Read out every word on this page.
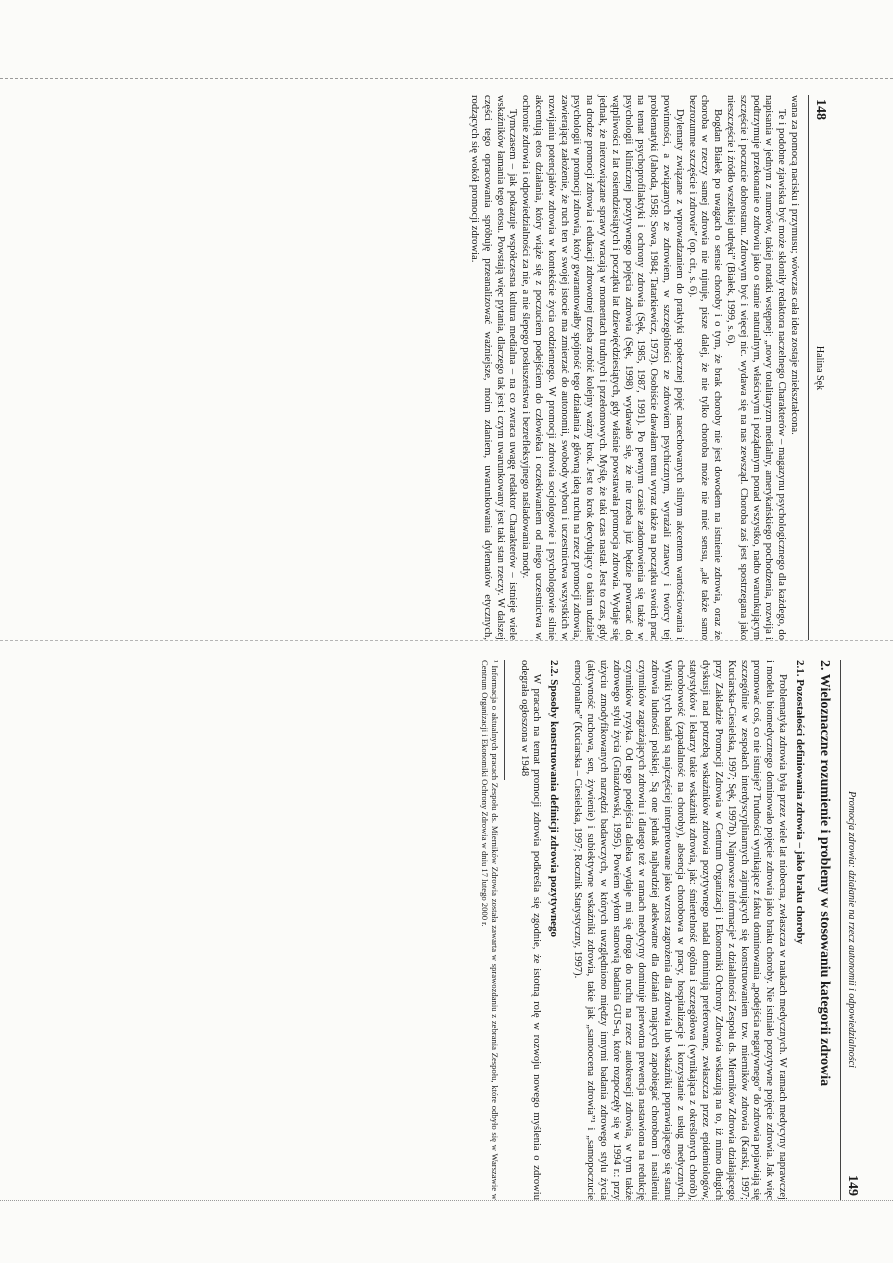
148
Halina Sęk

wana za pomocą nacisku i przymusu; wówczas cała idea zostaje zniekształcona.

Te i podobne zjawiska być może skłoniły redaktora naczelnego Charakterów – magazynu psychologicznego dla każdego, do napisania w jednym z numerów, takiej notatki wstępnej: „nowy totalitaryzm medialny, amerykańskiego pochodzenia, rozwija i podtrzymuje przekonanie o zdrowiu jako o stanie naturalnym, właściwym i pożądanym ponad wszystko, nadto warunkującym szczęście i poczucie dobrostanu. Zdrowym być i więcej nic. wydawa się na nas zewsząd. Choroba zaś jest spostrzegana jako nieszczęście i źródło wszelkiej udręki” (Białek, 1999, s. 6).

Bogdan Białek po uwagach o sensie choroby i o tym, że brak choroby nie jest dowodem na istnienie zdrowia, oraz że choroba w rzeczy samej zdrowia nie rujnuje, pisze dalej, że nie tylko choroba może nie mieć sensu, „ale także samo bezrozumne szczęście i zdrowie” (op. cit., s. 6).

Dylematy związane z wprowadzaniem do praktyki społecznej pojęć nacechowanych silnym akcentem wartościowania i powinności, a związanych ze zdrowiem, w szczególności ze zdrowiem psychicznym, wyrażali znawcy i twórcy tej problematyki (Jahoda, 1958; Sowa, 1984; Tatarkiewicz, 1973). Osobiście dawałam temu wyraz także na początku swoich prac na temat psychoprofilaktyki i ochrony zdrowia (Sęk, 1985, 1987, 1991). Po pewnym czasie zadomowienia się także w psychologii klinicznej pozytywnego pojęcia zdrowia (Sęk, 1998) wydawało się, że nie trzeba już będzie powracać do wątpliwości z lat osiemdziesiątych i początku lat dziewięćdziesiątych, gdy właśnie powstawała promocja zdrowia. Wydaje się jednak, że nierozwiązane sprawy wracają w momentach trudnych i przełomowych. Myślę, że taki czas nastał. Jest to czas, gdy na drodze promocji zdrowia i edukacji zdrowotnej trzeba zrobić kolejny ważny krok. Jest to krok decydujący o takim udziale psychologii w promocji zdrowia, który gwarantowałby spójność tego działania z główną ideą ruchu na rzecz promocji zdrowia, zawierającą założenie, że ruch ten w swojej istocie ma zmierzać do autonomii, swobody wyboru i uczestnictwa wszystkich w rozwijaniu potencjałów zdrowia w kontekście życia codziennego. W promocji zdrowia socjologowie i psychologowie silnie akcentują etos działania, który wiąże się z poczuciem podejściem do człowieka i oczekiwaniem od niego uczestnictwa w ochronie zdrowia i odpowiedzialności za nie, a nie ślepego posłuszeństwa i bezrefleksyjnego naśladowania mody.

Tymczasem – jak pokazuje współczesna kultura medialna – na co zwraca uwagę redaktor Charakterów – istnieje wiele wskaźników łamania tego etosu. Powstają więc pytania, dlaczego tak jest i czym uwarunkowany jest taki stan rzeczy. W dalszej części tego opracowania spróbuję przeanalizować ważniejsze, moim zdaniem, uwarunkowania dylematów etycznych, rodzących się wokół promocji zdrowia.

Promocja zdrowia: działanie na rzecz autonomii i odpowiedzialności
149
2. Wieloznaczne rozumienie i problemy w stosowaniu kategorii zdrowia
2.1. Pozostałości definiowania zdrowia – jako braku choroby

Problematyka zdrowia była przez wiele lat niobecna, zwłaszcza w naukach medycznych. W ramach medycyny naprawczej i modelu biomedycznego dominowało pojęcie zdrowia jako braku choroby. Nie istniało pozytywne pojęcie zdrowia. Jak więc promować coś, co nie istnieje? Trudności wynikające z faktu dominowania „podejścia negatywnego” do zdrowia pojawiają się szczególnie w zespołach interdyscyplinarnych zajmujących się konstruowaniem tzw. mierników zdrowia (Karski, 1997; Kuciarska-Ciesielska, 1997; Sęk, 1997b). Najnowsze informacje¹ z działalności Zespołu ds. Mierników Zdrowia działającego przy Zakładzie Promocji Zdrowia w Centrum Organizacji i Ekonomiki Ochrony Zdrowia wskazują na to, iż mimo długich dyskusji nad potrzebą wskaźników zdrowia pozytywnego nadal dominują preferowane, zwłaszcza przez epidemiologów, statystyków i lekarzy takie wskaźniki zdrowia, jak: śmiertelność ogólna i szczegółowa (wynikająca z określonych chorób), chorobowość (zapadalność na choroby), absencja chorobowa w pracy, hospitalizacje i korzystanie z usług medycznych. Wyniki tych badań są najczęściej interpretowane jako wzrost zagrożenia dla zdrowia lub wskaźniki poprawiającego się stanu zdrowia ludności polskiej. Są one jednak najbardziej adekwatne dla działań mających zapobiegać chorobom i nasileniu czynników zagrażających zdrowiu i dlatego też w ramach medycyny dominuje pierwotna prewencja nastawiona na redukcję czynników ryzyka. Od tego podejścia daleka wydaje mi się droga do ruchu na rzecz autokreacji zdrowia, w tym także zdrowego stylu życia (Gniazdowski, 1995). Powiem wyłom stanowią badania GUS-u, które rozpoczęły się w 1994 r.: przy użyciu zmodyfikowanych narzędzi badawczych, w których uwzględniono między innymi badania zdrowego stylu życia (aktywność ruchowa, sen, żywienie) i subiektywne wskaźniki zdrowia, takie jak „samoocena zdrowia”¹ i „samopoczucie emocjonalne” (Kuciarska – Ciesielska, 1997; Rocznik Statystyczny, 1997).

2.2. Sposoby konstruowania definicji zdrowia pozytywnego

W pracach na temat promocji zdrowia podkreśla się zgodnie, że istotną rolę w rozwoju nowego myślenia o zdrowiu odegrała ogłoszona w 1948

¹ Informacja o aktualnych pracach Zespołu ds. Mierników Zdrowia została zawarta w sprawozdaniu z zebrania Zespołu, które odbyło się w Warszawie w Centrum Organizacji i Ekonomiki Ochrony Zdrowia w dniu 17 lutego 2000 r.
